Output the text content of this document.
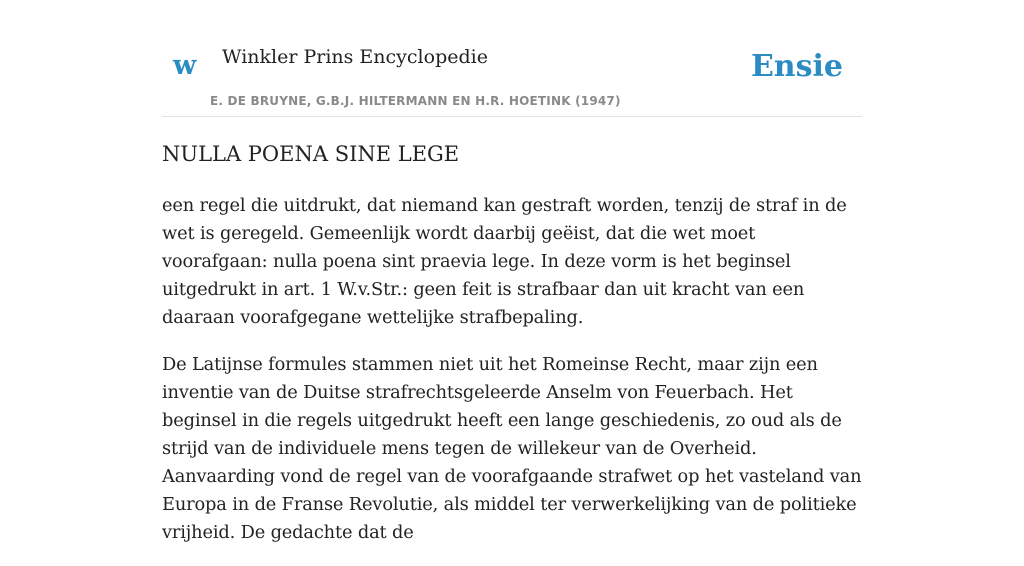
w Winkler Prins Encyclopedie
E. DE BRUYNE, G.B.J. HILTERMANN EN H.R. HOETINK (1947)
Ensie
NULLA POENA SINE LEGE

een regel die uitdrukt, dat niemand kan gestraft worden, tenzij de straf in de wet is geregeld. Gemeenlijk wordt daarbij geëist, dat die wet moet voorafgaan: nulla poena sint praevia lege. In deze vorm is het beginsel uitgedrukt in art. 1 W.v.Str.: geen feit is strafbaar dan uit kracht van een daaraan voorafgegane wettelijke strafbepaling.

De Latijnse formules stammen niet uit het Romeinse Recht, maar zijn een inventie van de Duitse strafrechtsgeleerde Anselm von Feuerbach. Het beginsel in die regels uitgedrukt heeft een lange geschiedenis, zo oud als de strijd van de individuele mens tegen de willekeur van de Overheid. Aanvaarding vond de regel van de voorafgaande strafwet op het vasteland van Europa in de Franse Revolutie, als middel ter verwerkelijking van de politieke vrijheid. De gedachte dat de
